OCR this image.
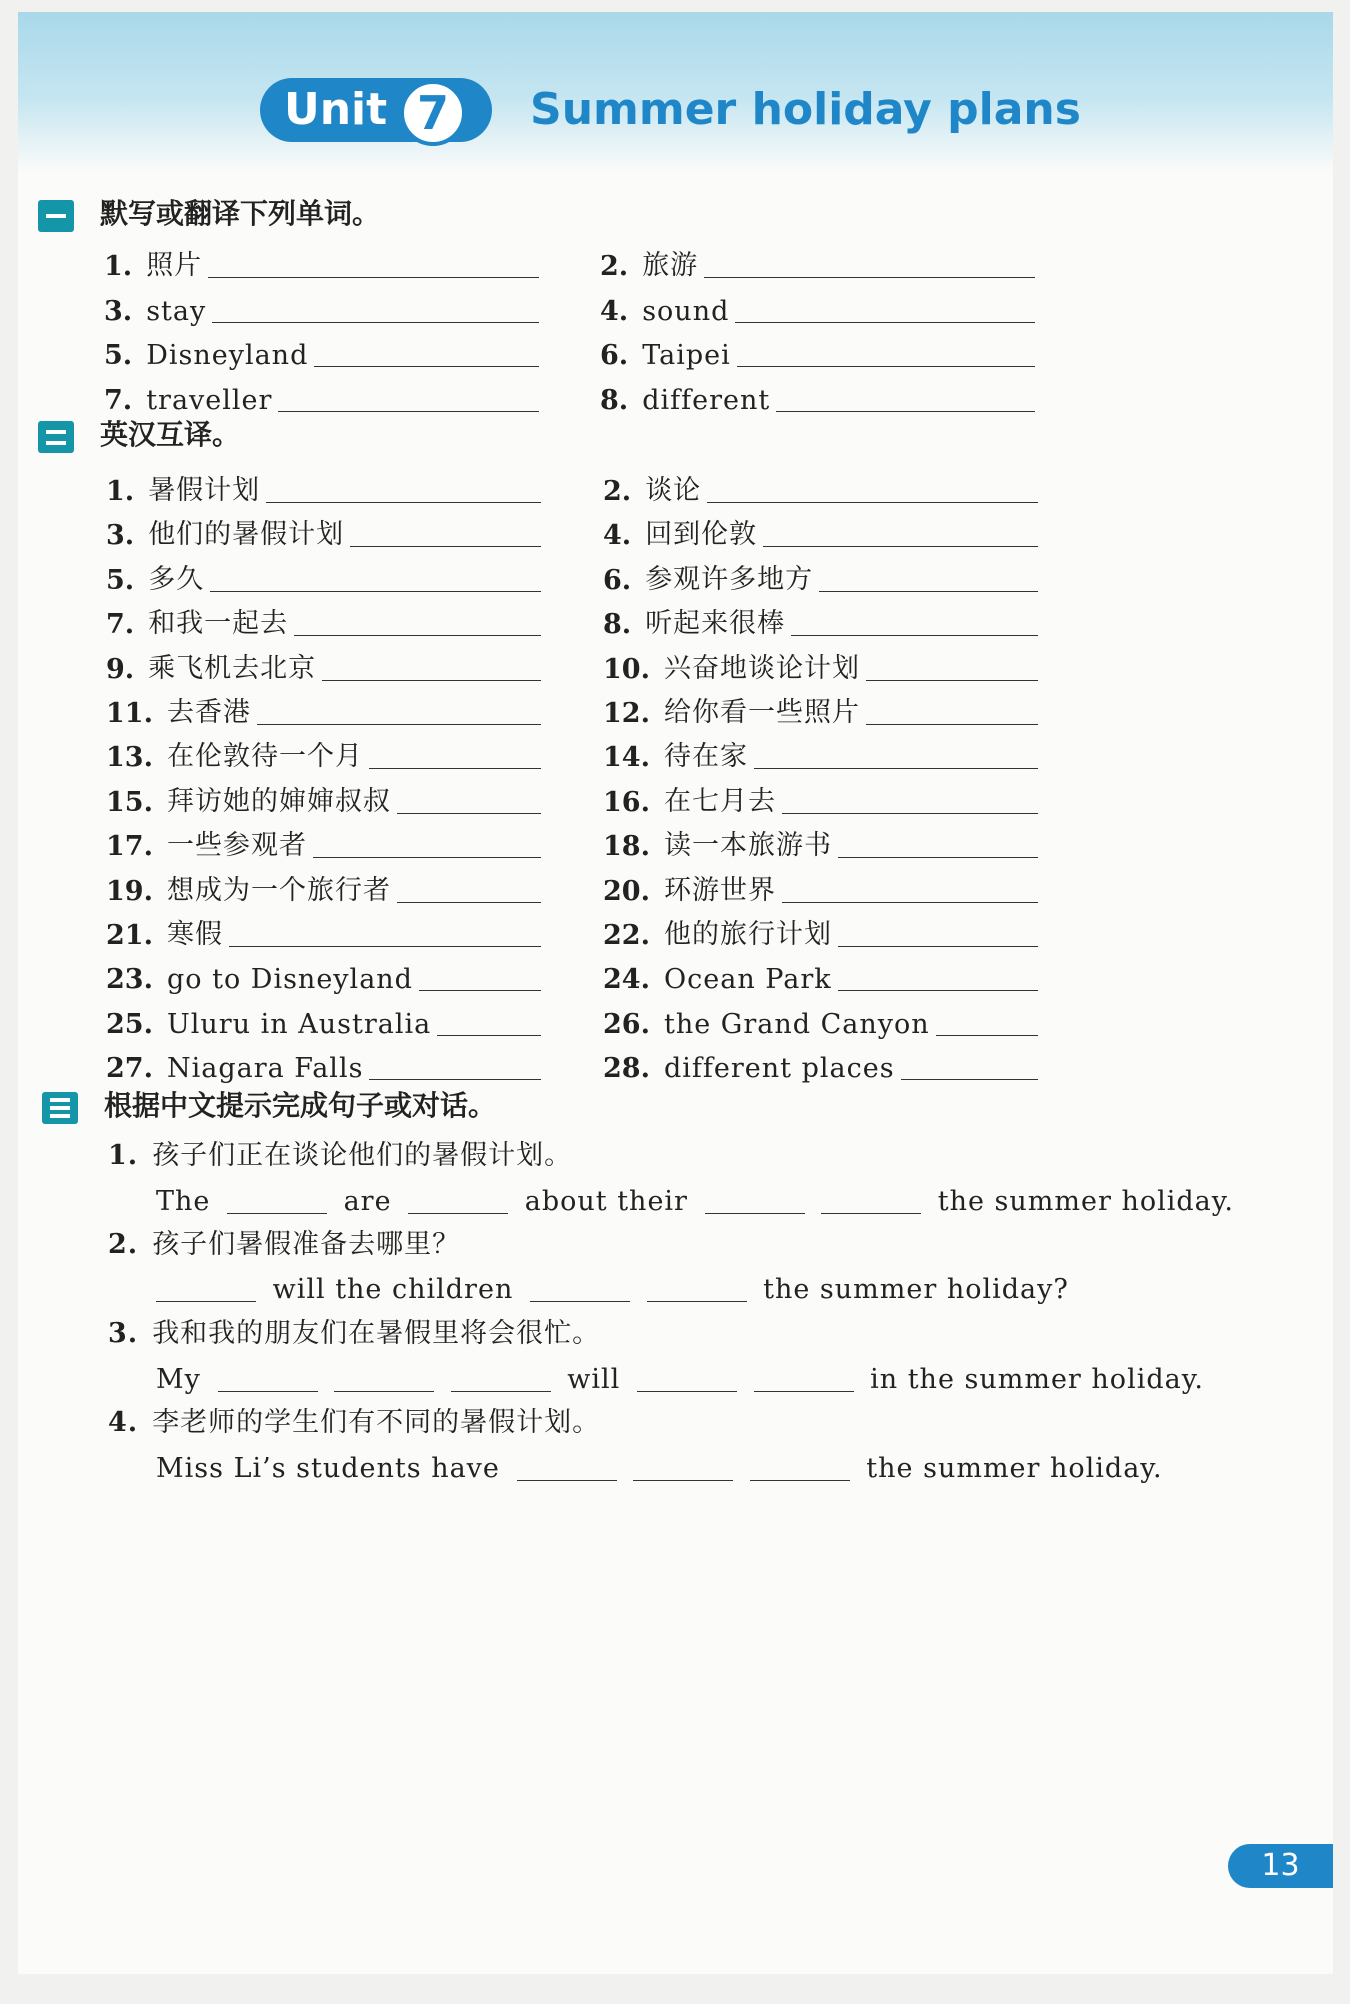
Unit 7	Summer holiday plans
默写或翻译下列单词。
1. 照片	2. 旅游
3. stay	4. sound
5. Disneyland	6. Taipei
7. traveller	8. different
英汉互译。
1. 暑假计划	2. 谈论
3. 他们的暑假计划	4. 回到伦敦
5. 多久	6. 参观许多地方
7. 和我一起去	8. 听起来很棒
9. 乘飞机去北京	10. 兴奋地谈论计划
11. 去香港	12. 给你看一些照片
13. 在伦敦待一个月	14. 待在家
15. 拜访她的婶婶叔叔	16. 在七月去
17. 一些参观者	18. 读一本旅游书
19. 想成为一个旅行者	20. 环游世界
21. 寒假	22. 他的旅行计划
23. go to Disneyland	24. Ocean Park
25. Uluru in Australia	26. the Grand Canyon
27. Niagara Falls	28. different places
根据中文提示完成句子或对话。
1. 孩子们正在谈论他们的暑假计划。
The	are	about their	the summer holiday.
2. 孩子们暑假准备去哪里？
will the children	the summer holiday?
3. 我和我的朋友们在暑假里将会很忙。
My	will	in the summer holiday.
4. 李老师的学生们有不同的暑假计划。
Miss Li’s students have	the summer holiday.
13
